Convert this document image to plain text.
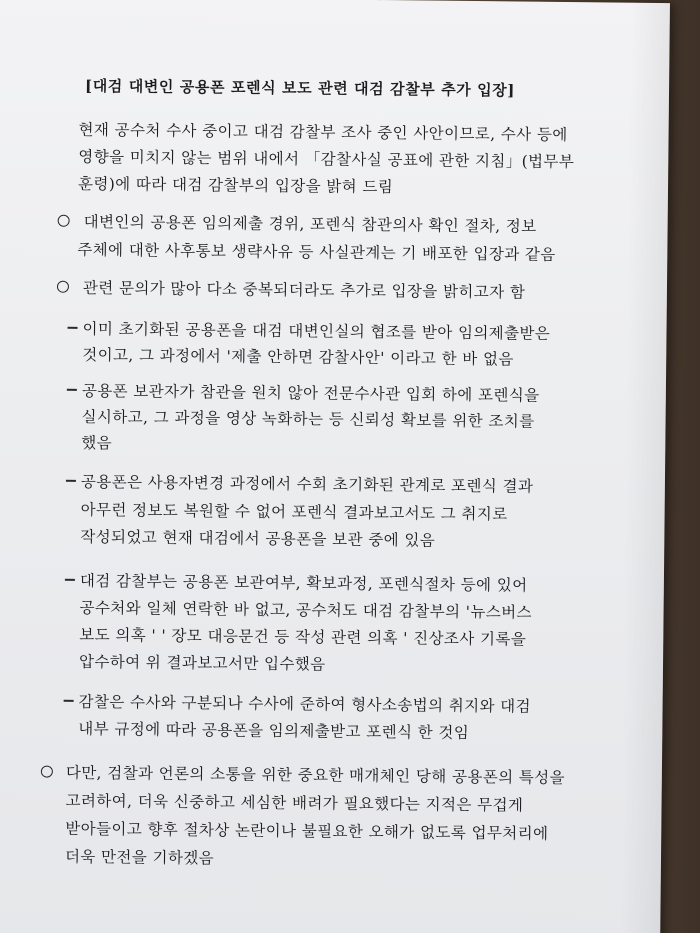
[대검 대변인 공용폰 포렌식 보도 관련 대검 감찰부 추가 입장]
현재 공수처 수사 중이고 대검 감찰부 조사 중인 사안이므로, 수사 등에
영향을 미치지 않는 범위 내에서 「감찰사실 공표에 관한 지침」(법무부
훈령)에 따라 대검 감찰부의 입장을 밝혀 드림
대변인의 공용폰 임의제출 경위, 포렌식 참관의사 확인 절차, 정보
주체에 대한 사후통보 생략사유 등 사실관계는 기 배포한 입장과 같음
관련 문의가 많아 다소 중복되더라도 추가로 입장을 밝히고자 함
이미 초기화된 공용폰을 대검 대변인실의 협조를 받아 임의제출받은
것이고, 그 과정에서 '제출 안하면 감찰사안' 이라고 한 바 없음
공용폰 보관자가 참관을 원치 않아 전문수사관 입회 하에 포렌식을
실시하고, 그 과정을 영상 녹화하는 등 신뢰성 확보를 위한 조치를
했음
공용폰은 사용자변경 과정에서 수회 초기화된 관계로 포렌식 결과
아무런 정보도 복원할 수 없어 포렌식 결과보고서도 그 취지로
작성되었고 현재 대검에서 공용폰을 보관 중에 있음
대검 감찰부는 공용폰 보관여부, 확보과정, 포렌식절차 등에 있어
공수처와 일체 연락한 바 없고, 공수처도 대검 감찰부의 '뉴스버스
보도 의혹 ' ' 장모 대응문건 등 작성 관련 의혹 ' 진상조사 기록을
압수하여 위 결과보고서만 입수했음
감찰은 수사와 구분되나 수사에 준하여 형사소송법의 취지와 대검
내부 규정에 따라 공용폰을 임의제출받고 포렌식 한 것임
다만, 검찰과 언론의 소통을 위한 중요한 매개체인 당해 공용폰의 특성을
고려하여, 더욱 신중하고 세심한 배려가 필요했다는 지적은 무겁게
받아들이고 향후 절차상 논란이나 불필요한 오해가 없도록 업무처리에
더욱 만전을 기하겠음
